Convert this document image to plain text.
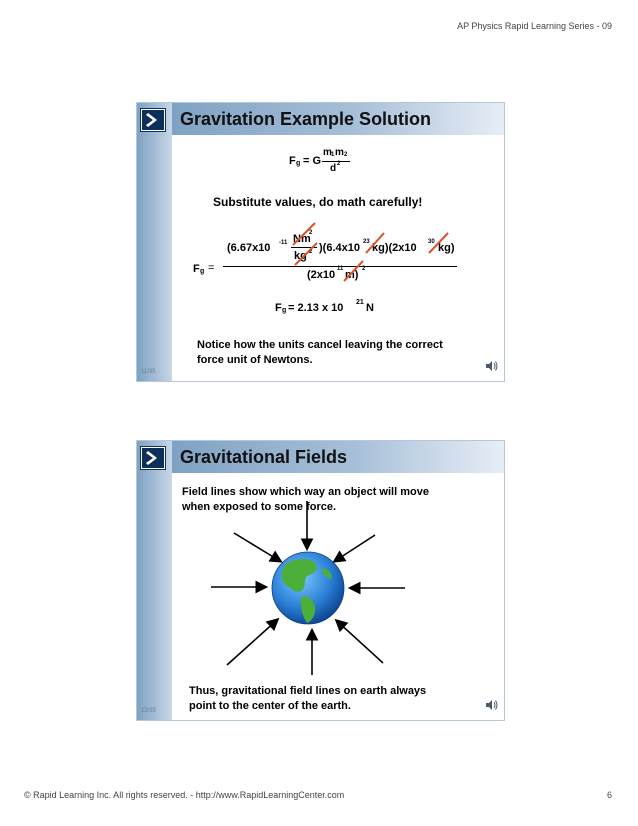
AP Physics Rapid Learning Series - 09
Gravitation Example Solution
F g = G
m 1 m 2
d 2
Substitute values, do math carefully!
F g =
(6.67x10 -11 Nm
2
kg 2 )(6.4x10 23 kg)(2x10 30 kg)
(2x10 11 m) 2
F g = 2.13 x 10 21 N
Notice how the units cancel leaving the correct
force unit of Newtons.
11/35
Gravitational Fields
Field lines show which way an object will move
when exposed to some force.
Thus, gravitational field lines on earth always
point to the center of the earth.
12/35
© Rapid Learning Inc. All rights reserved. - http://www.RapidLearningCenter.com	6
